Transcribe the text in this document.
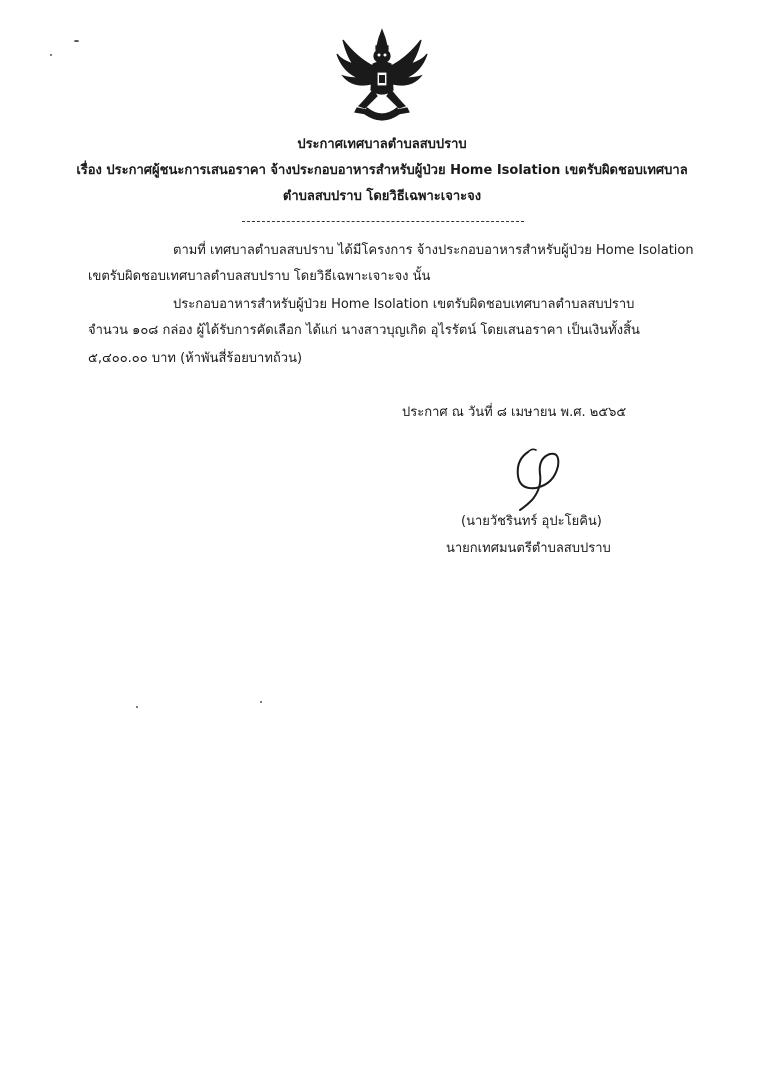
ประกาศเทศบาลตำบลสบปราบ
เรื่อง ประกาศผู้ชนะการเสนอราคา จ้างประกอบอาหารสำหรับผู้ป่วย Home Isolation เขตรับผิดชอบเทศบาล
ตำบลสบปราบ โดยวิธีเฉพาะเจาะจง
ตามที่ เทศบาลตำบลสบปราบ ได้มีโครงการ จ้างประกอบอาหารสำหรับผู้ป่วย Home Isolation
เขตรับผิดชอบเทศบาลตำบลสบปราบ โดยวิธีเฉพาะเจาะจง นั้น
ประกอบอาหารสำหรับผู้ป่วย Home Isolation เขตรับผิดชอบเทศบาลตำบลสบปราบ
จำนวน ๑๐๘ กล่อง ผู้ได้รับการคัดเลือก ได้แก่ นางสาวบุญเกิด อุไรรัตน์ โดยเสนอราคา เป็นเงินทั้งสิ้น
๕,๔๐๐.๐๐ บาท (ห้าพันสี่ร้อยบาทถ้วน)
ประกาศ ณ วันที่ ๘ เมษายน พ.ศ. ๒๕๖๕
(นายวัชรินทร์ อุปะโยคิน)
นายกเทศมนตรีตำบลสบปราบ
